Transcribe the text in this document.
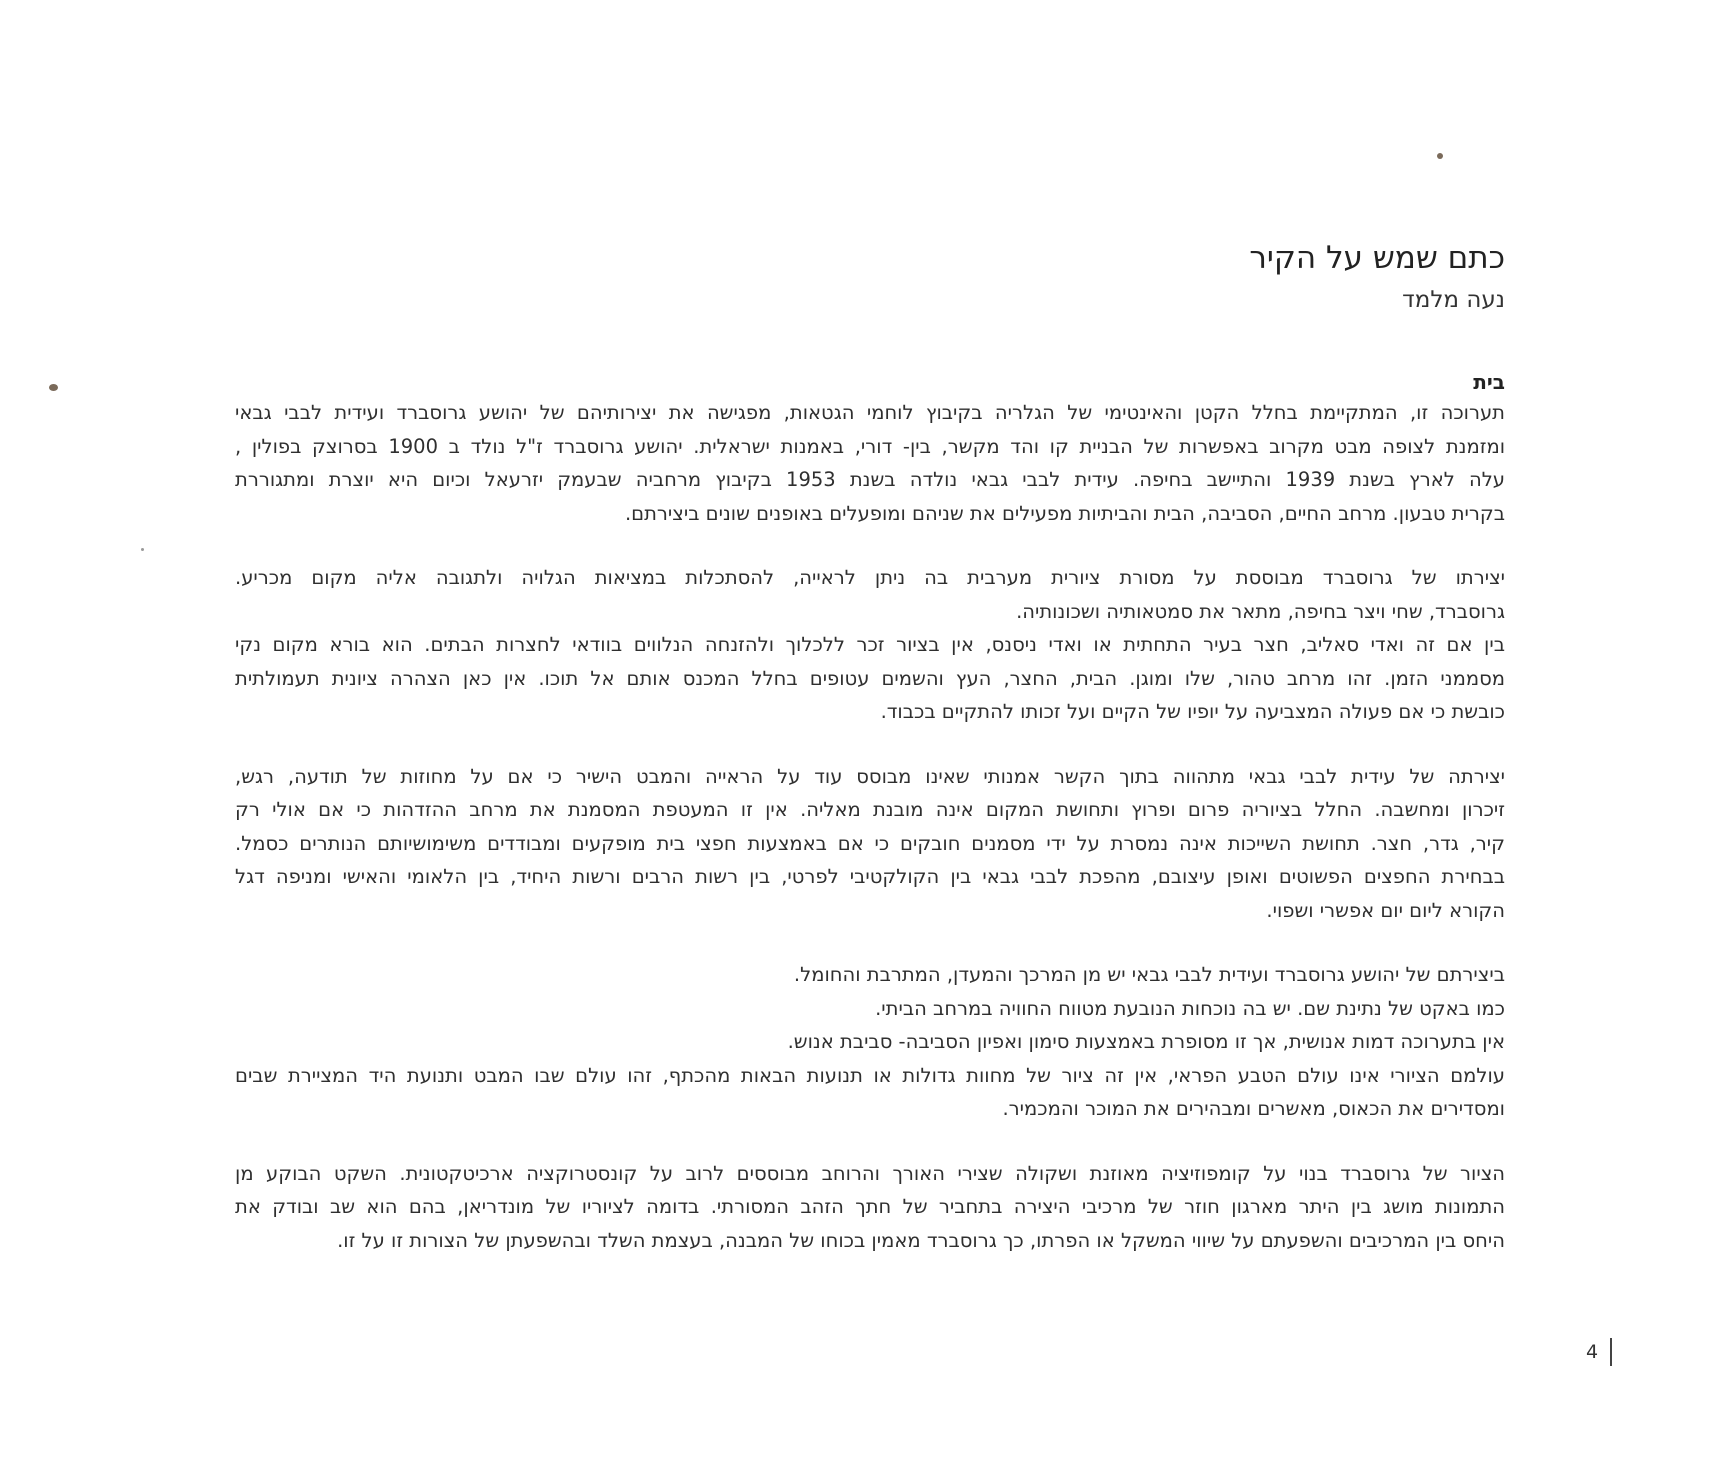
כתם שמש על הקיר
נעה מלמד
בית
תערוכה זו, המתקיימת בחלל הקטן והאינטימי של הגלריה בקיבוץ לוחמי הגטאות, מפגישה את יצירותיהם של יהושע גרוסברד ועידית לבבי גבאי
ומזמנת לצופה מבט מקרוב באפשרות של הבניית קו והד מקשר, בין- דורי, באמנות ישראלית. יהושע גרוסברד ז"ל נולד ב 1900 בסרוצק בפולין ,
עלה לארץ בשנת 1939 והתיישב בחיפה. עידית לבבי גבאי נולדה בשנת 1953 בקיבוץ מרחביה שבעמק יזרעאל וכיום היא יוצרת ומתגוררת
בקרית טבעון. מרחב החיים, הסביבה, הבית והביתיות מפעילים את שניהם ומופעלים באופנים שונים ביצירתם.
יצירתו של גרוסברד מבוססת על מסורת ציורית מערבית בה ניתן לראייה, להסתכלות במציאות הגלויה ולתגובה אליה מקום מכריע.
גרוסברד, שחי ויצר בחיפה, מתאר את סמטאותיה ושכונותיה.
בין אם זה ואדי סאליב, חצר בעיר התחתית או ואדי ניסנס, אין בציור זכר ללכלוך ולהזנחה הנלווים בוודאי לחצרות הבתים. הוא בורא מקום נקי
מסממני הזמן. זהו מרחב טהור, שלו ומוגן. הבית, החצר, העץ והשמים עטופים בחלל המכנס אותם אל תוכו. אין כאן הצהרה ציונית תעמולתית
כובשת כי אם פעולה המצביעה על יופיו של הקיים ועל זכותו להתקיים בכבוד.
יצירתה של עידית לבבי גבאי מתהווה בתוך הקשר אמנותי שאינו מבוסס עוד על הראייה והמבט הישיר כי אם על מחוזות של תודעה, רגש,
זיכרון ומחשבה. החלל בציוריה פרום ופרוץ ותחושת המקום אינה מובנת מאליה. אין זו המעטפת המסמנת את מרחב ההזדהות כי אם אולי רק
קיר, גדר, חצר. תחושת השייכות אינה נמסרת על ידי מסמנים חובקים כי אם באמצעות חפצי בית מופקעים ומבודדים משימושיותם הנותרים כסמל.
בבחירת החפצים הפשוטים ואופן עיצובם, מהפכת לבבי גבאי בין הקולקטיבי לפרטי, בין רשות הרבים ורשות היחיד, בין הלאומי והאישי ומניפה דגל
הקורא ליום יום אפשרי ושפוי.
ביצירתם של יהושע גרוסברד ועידית לבבי גבאי יש מן המרכך והמעדן, המתרבת והחומל.
כמו באקט של נתינת שם. יש בה נוכחות הנובעת מטווח החוויה במרחב הביתי.
אין בתערוכה דמות אנושית, אך זו מסופרת באמצעות סימון ואפיון הסביבה- סביבת אנוש.
עולמם הציורי אינו עולם הטבע הפראי, אין זה ציור של מחוות גדולות או תנועות הבאות מהכתף, זהו עולם שבו המבט ותנועת היד המציירת שבים
ומסדירים את הכאוס, מאשרים ומבהירים את המוכר והמכמיר.
הציור של גרוסברד בנוי על קומפוזיציה מאוזנת ושקולה שצירי האורך והרוחב מבוססים לרוב על קונסטרוקציה ארכיטקטונית. השקט הבוקע מן
התמונות מושג בין היתר מארגון חוזר של מרכיבי היצירה בתחביר של חתך הזהב המסורתי. בדומה לציוריו של מונדריאן, בהם הוא שב ובודק את
היחס בין המרכיבים והשפעתם על שיווי המשקל או הפרתו, כך גרוסברד מאמין בכוחו של המבנה, בעצמת השלד ובהשפעתן של הצורות זו על זו.
4
